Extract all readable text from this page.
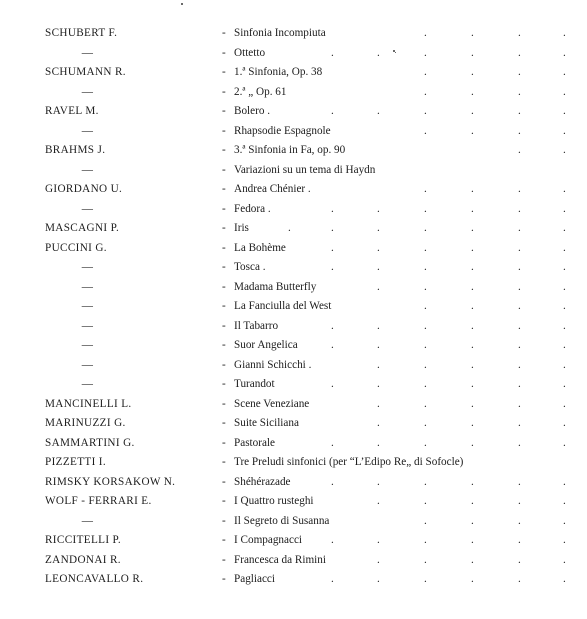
SCHUBERT F.	- Sinfonia Incompiuta	.	.	.	.
—	- Ottetto	.	.	.	.	.	.
SCHUMANN R.	- 1.ª Sinfonia, Op. 38	.	.	.	.
—	- 2.ª „ Op. 61	.	.	.	.
RAVEL M.	- Bolero .	.	.	.	.	.	.
—	- Rhapsodie Espagnole	.	.	.	.
BRAHMS J.	- 3.ª Sinfonia in Fa, op. 90	.	.
—	- Variazioni su un tema di Haydn
GIORDANO U.	- Andrea Chénier .	.	.	.	.
—	- Fedora .	.	.	.	.	.	.
MASCAGNI P.	- Iris	.	.	.	.	.	.	.
PUCCINI G.	- La Bohème	.	.	.	.	.	.
—	- Tosca .	.	.	.	.	.	.
—	- Madama Butterfly	.	.	.	.	.
—	- La Fanciulla del West	.	.	.	.
—	- Il Tabarro	.	.	.	.	.	.
—	- Suor Angelica	.	.	.	.	.	.
—	- Gianni Schicchi .	.	.	.	.	.
—	- Turandot	.	.	.	.	.	.
MANCINELLI L.	- Scene Veneziane	.	.	.	.	.
MARINUZZI G.	- Suite Siciliana	.	.	.	.	.
SAMMARTINI G.	- Pastorale	.	.	.	.	.	.
PIZZETTI I.	- Tre Preludi sinfonici (per “L’Edipo Re„ di Sofocle)
RIMSKY KORSAKOW N.	- Shéhérazade	.	.	.	.	.	.
WOLF - FERRARI E.	- I Quattro rusteghi	.	.	.	.	.
—	- Il Segreto di Susanna	.	.	.	.
RICCITELLI P.	- I Compagnacci	.	.	.	.	.	.
ZANDONAI R.	- Francesca da Rimini	.	.	.	.	.
LEONCAVALLO R.	- Pagliacci	.	.	.	.	.	.
